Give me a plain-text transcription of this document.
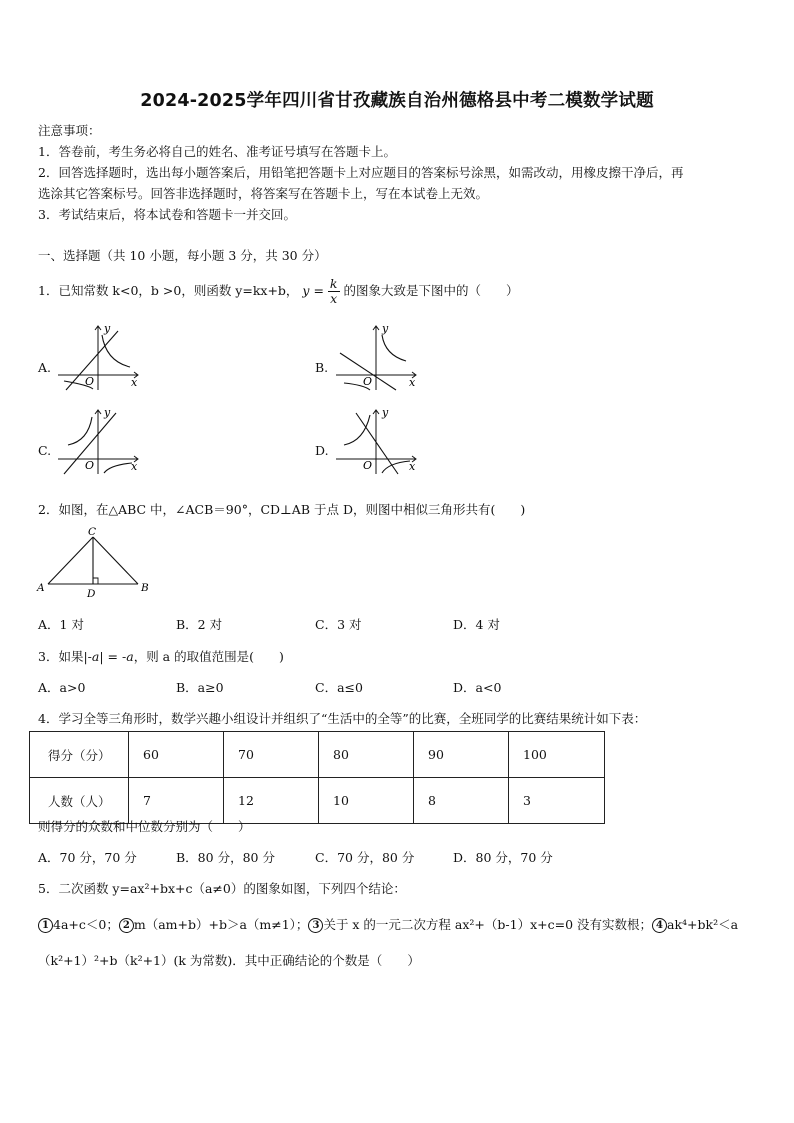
2024-2025学年四川省甘孜藏族自治州德格县中考二模数学试题
注意事项：
1．答卷前，考生务必将自己的姓名、准考证号填写在答题卡上。
2．回答选择题时，选出每小题答案后，用铅笔把答题卡上对应题目的答案标号涂黑，如需改动，用橡皮擦干净后，再
选涂其它答案标号。回答非选择题时，将答案写在答题卡上，写在本试卷上无效。
3．考试结束后，将本试卷和答题卡一并交回。
一、选择题（共 10 小题，每小题 3 分，共 30 分）
1．已知常数 k<0，b >0，则函数 y=kx+b， $y = \frac{k}{x}$ 的图象大致是下图中的（　　）
A.	B.
C.	D.
y
x
O
y
x
O
y
x
O
y
x
O
2．如图，在△ABC 中，∠ACB＝90°，CD⊥AB 于点 D，则图中相似三角形共有(　　)
C
A	B
D
A．1 对	B．2 对	C．3 对	D．4 对
3．如果|-a| = -a，则 a 的取值范围是(　　)
A．a>0	B．a≥0	C．a≤0	D．a<0
4．学习全等三角形时，数学兴趣小组设计并组织了“生活中的全等”的比赛，全班同学的比赛结果统计如下表：
得分（分）	60	70	80	90	100
人数（人）	7	12	10	8	3
则得分的众数和中位数分别为（　　）
A．70 分，70 分	B．80 分，80 分	C．70 分，80 分	D．80 分，70 分
5．二次函数 y=ax²+bx+c（a≠0）的图象如图，下列四个结论：
1 4a+c＜0； 2 m（am+b）+b＞a（m≠1）； 3 关于 x 的一元二次方程 ax²+（b-1）x+c=0 没有实数根； 4 ak⁴+bk²＜a
（k²+1）²+b（k²+1）(k 为常数)．其中正确结论的个数是（　　）
